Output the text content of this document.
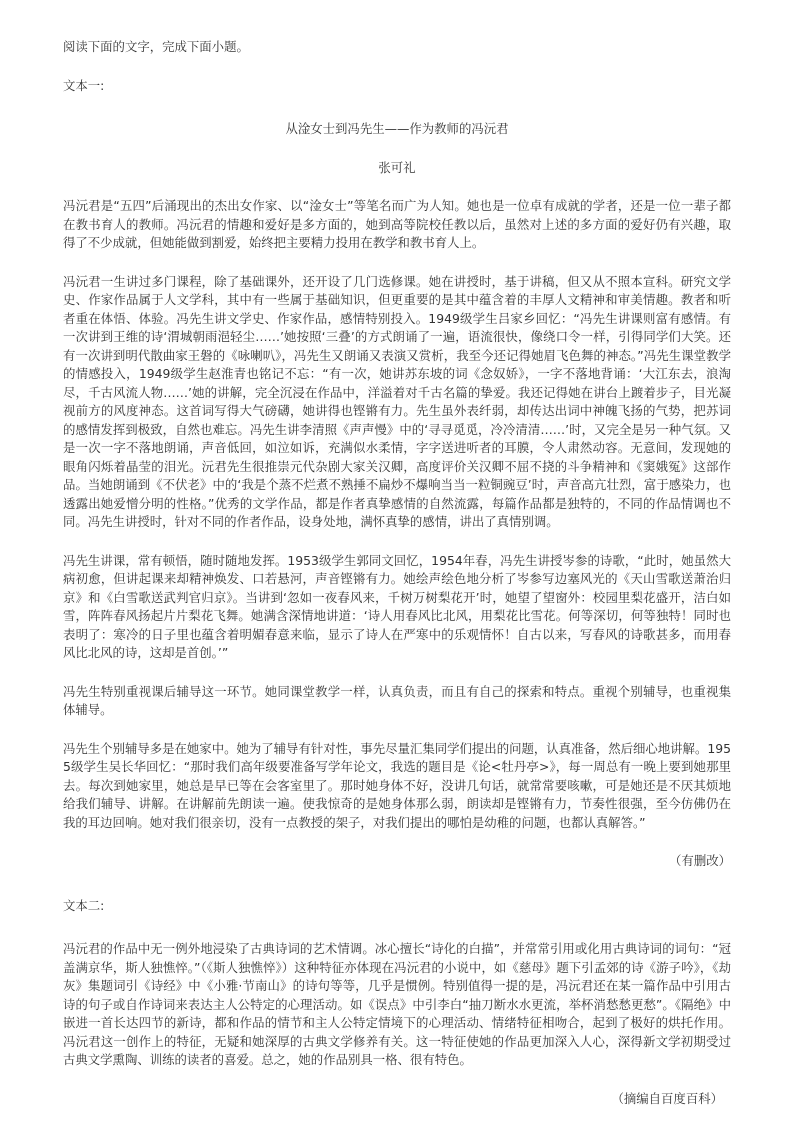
阅读下面的文字，完成下面小题。

文本一:

从淦女士到冯先生——作为教师的冯沅君

张可礼

冯沅君是“五四”后涌现出的杰出女作家、以“淦女士”等笔名而广为人知。她也是一位卓有成就的学者，还是一位一辈子都在教书育人的教师。冯沅君的情趣和爱好是多方面的，她到高等院校任教以后，虽然对上述的多方面的爱好仍有兴趣，取得了不少成就，但她能做到割爱，始终把主要精力投用在教学和教书育人上。

冯沅君一生讲过多门课程，除了基础课外，还开设了几门选修课。她在讲授时，基于讲稿，但又从不照本宣科。研究文学史、作家作品属于人文学科，其中有一些属于基础知识，但更重要的是其中蕴含着的丰厚人文精神和审美情趣。教者和听者重在体悟、体验。冯先生讲文学史、作家作品，感情特别投入。1949级学生吕家乡回忆：“冯先生讲课则富有感情。有一次讲到王维的诗‘渭城朝雨浥轻尘……’她按照‘三叠’的方式朗诵了一遍，语流很快，像绕口令一样，引得同学们大笑。还有一次讲到明代散曲家王磐的《咏喇叭》，冯先生又朗诵又表演又赏析，我至今还记得她眉飞色舞的神态。”冯先生课堂教学的情感投入，1949级学生赵淮青也铭记不忘：“有一次，她讲苏东坡的词《念奴娇》，一字不落地背诵：‘大江东去，浪淘尽，千古风流人物……’她的讲解，完全沉浸在作品中，洋溢着对千古名篇的挚爱。我还记得她在讲台上踱着步子，目光凝视前方的风度神态。这首词写得大气磅礴，她讲得也铿锵有力。先生虽外表纤弱，却传达出词中神魄飞扬的气势，把苏词的感情发挥到极致，自然也难忘。冯先生讲李清照《声声慢》中的‘寻寻觅觅，冷冷清清……’时，又完全是另一种气氛。又是一次一字不落地朗诵，声音低回，如泣如诉，充满似水柔情，字字送进听者的耳膜，令人肃然动容。无意间，发现她的眼角闪烁着晶莹的泪光。沅君先生很推崇元代杂剧大家关汉卿，高度评价关汉卿不屈不挠的斗争精神和《窦娥冤》这部作品。当她朗诵到《不伏老》中的‘我是个蒸不烂煮不熟捶不扁炒不爆响当当一粒铜豌豆’时，声音高亢壮烈，富于感染力，也透露出她爱憎分明的性格。”优秀的文学作品，都是作者真挚感情的自然流露，每篇作品都是独特的，不同的作品情调也不同。冯先生讲授时，针对不同的作者作品，设身处地，满怀真挚的感情，讲出了真情别调。

冯先生讲课，常有顿悟，随时随地发挥。1953级学生郭同文回忆，1954年春，冯先生讲授岑参的诗歌，“此时，她虽然大病初愈，但讲起课来却精神焕发、口若悬河，声音铿锵有力。她绘声绘色地分析了岑参写边塞风光的《天山雪歌送萧治归京》和《白雪歌送武判官归京》。当讲到‘忽如一夜春风来，千树万树梨花开’时，她望了望窗外：校园里梨花盛开，洁白如雪，阵阵春风扬起片片梨花飞舞。她满含深情地讲道：‘诗人用春风比北风，用梨花比雪花。何等深切，何等独特！同时也表明了：寒冷的日子里也蕴含着明媚春意来临，显示了诗人在严寒中的乐观情怀！自古以来，写春风的诗歌甚多，而用春风比北风的诗，这却是首创。’”

冯先生特别重视课后辅导这一环节。她同课堂教学一样，认真负责，而且有自己的探索和特点。重视个别辅导，也重视集体辅导。

冯先生个别辅导多是在她家中。她为了辅导有针对性，事先尽量汇集同学们提出的问题，认真准备，然后细心地讲解。1955级学生吴长华回忆：“那时我们高年级要准备写学年论文，我选的题目是《论<牡丹亭>》，每一周总有一晚上要到她那里去。每次到她家里，她总是早已等在会客室里了。那时她身体不好，没讲几句话，就常常要咳嗽，可是她还是不厌其烦地给我们辅导、讲解。在讲解前先朗读一遍。使我惊奇的是她身体那么弱，朗读却是铿锵有力，节奏性很强，至今仿佛仍在我的耳边回响。她对我们很亲切，没有一点教授的架子，对我们提出的哪怕是幼稚的问题，也都认真解答。”

（有删改）

文本二:

冯沅君的作品中无一例外地浸染了古典诗词的艺术情调。冰心擅长“诗化的白描”，并常常引用或化用古典诗词的词句：“冠盖满京华，斯人独憔悴。”（《斯人独憔悴》）这种特征亦体现在冯沅君的小说中，如《慈母》题下引孟郊的诗《游子吟》，《劫灰》集题词引《诗经》中《小雅·节南山》的诗句等等，几乎是惯例。特别值得一提的是，冯沅君还在某一篇作品中引用古诗的句子或自作诗词来表达主人公特定的心理活动。如《误点》中引李白“抽刀断水水更流，举杯消愁愁更愁”。《隔绝》中嵌进一首长达四节的新诗，都和作品的情节和主人公特定情境下的心理活动、情绪特征相吻合，起到了极好的烘托作用。冯沅君这一创作上的特征，无疑和她深厚的古典文学修养有关。这一特征使她的作品更加深入人心，深得新文学初期受过古典文学熏陶、训练的读者的喜爱。总之，她的作品别具一格、很有特色。

（摘编自百度百科）
